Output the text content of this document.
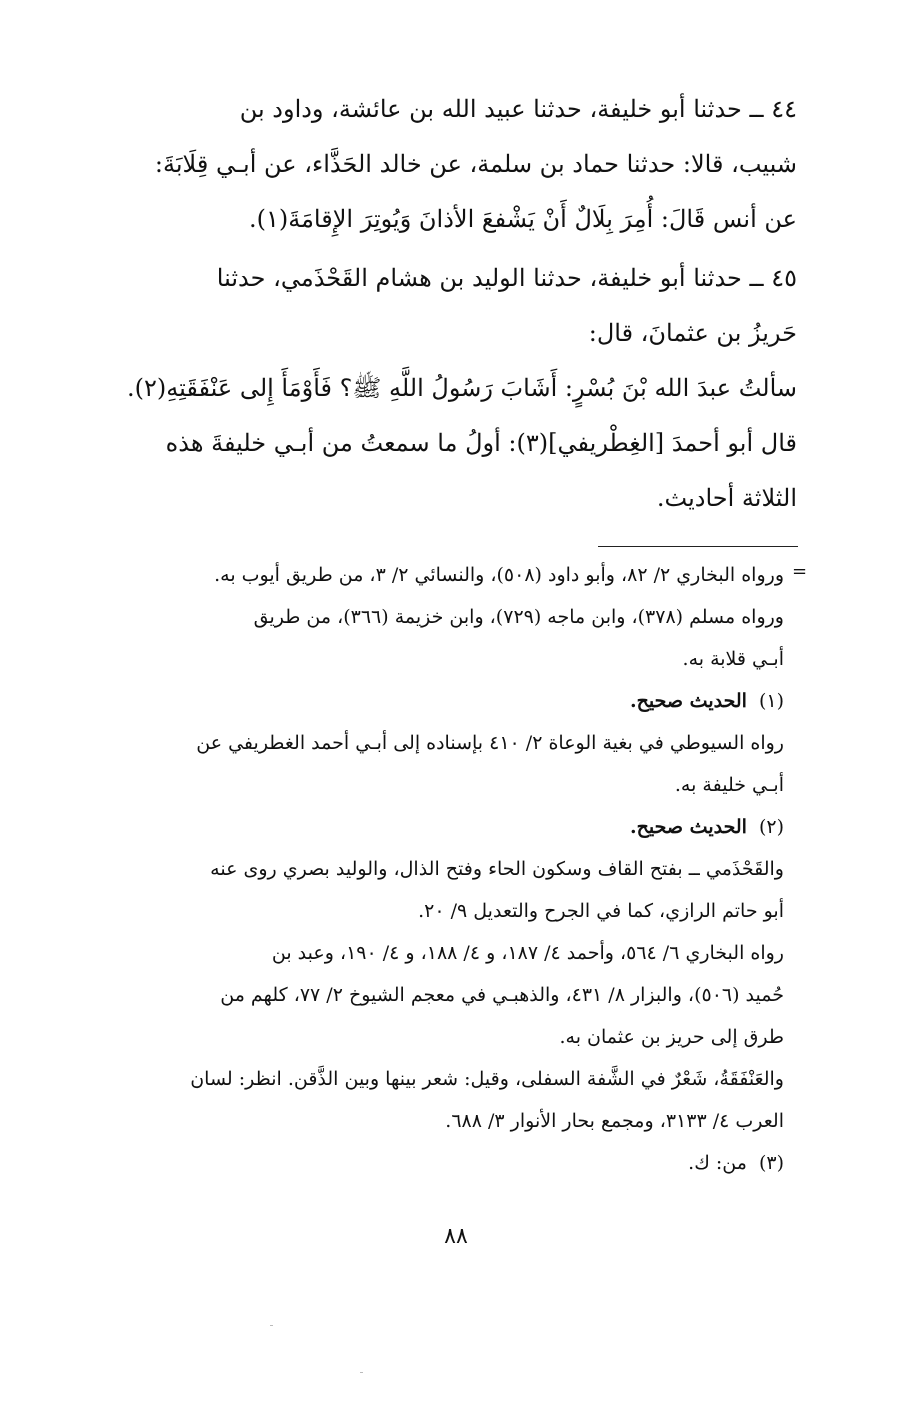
٤٤ ــ حدثنا أبو خليفة، حدثنا عبيد الله بن عائشة، وداود بن

شبيب، قالا: حدثنا حماد بن سلمة، عن خالد الحَذَّاء، عن أبـي قِلَابَةَ:

عن أنس قَالَ: أُمِرَ بِلَالٌ أَنْ يَشْفعَ الأذانَ وَيُوتِرَ الإِقامَةَ(١).

٤٥ ــ حدثنا أبو خليفة، حدثنا الوليد بن هشام القَحْذَمي، حدثنا

حَريزُ بن عثمانَ، قال:

سألتُ عبدَ الله بْنَ بُسْرٍ: أَشَابَ رَسُولُ اللَّهِ ﷺ؟ فَأَوْمَأَ إِلى عَنْفَقَتِهِ(٢).

قال أبو أحمدَ [الغِطْريفي](٣): أولُ ما سمعتُ من أبـي خليفةَ هذه

الثلاثة أحاديث.

=

ورواه البخاري ٢/ ٨٢، وأبو داود (٥٠٨)، والنسائي ٢/ ٣، من طريق أيوب به.

ورواه مسلم (٣٧٨)، وابن ماجه (٧٢٩)، وابن خزيمة (٣٦٦)، من طريق

أبـي قلابة به.

(١)الحديث صحيح.

رواه السيوطي في بغية الوعاة ٢/ ٤١٠ بإسناده إلى أبـي أحمد الغطريفي عن

أبـي خليفة به.

(٢)الحديث صحيح.

والقَحْذَمي ــ بفتح القاف وسكون الحاء وفتح الذال، والوليد بصري روى عنه

أبو حاتم الرازي، كما في الجرح والتعديل ٩/ ٢٠.

رواه البخاري ٦/ ٥٦٤، وأحمد ٤/ ١٨٧، و ٤/ ١٨٨، و ٤/ ١٩٠، وعبد بن

حُميد (٥٠٦)، والبزار ٨/ ٤٣١، والذهبـي في معجم الشيوخ ٢/ ٧٧، كلهم من

طرق إلى حريز بن عثمان به.

والعَنْفَقَةُ، شَعْرٌ في الشَّفة السفلى، وقيل: شعر بينها وبين الذَّقن. انظر: لسان

العرب ٤/ ٣١٣٣، ومجمع بحار الأنوار ٣/ ٦٨٨.

(٣)من: ك.

٨٨
